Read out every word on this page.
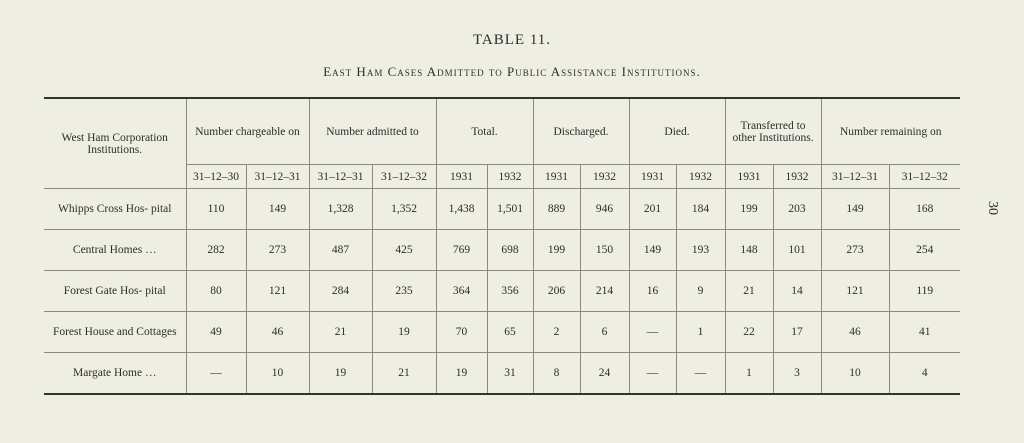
TABLE 11.
East Ham Cases Admitted to Public Assistance Institutions.
30
West Ham Corporation Institutions.	Number chargeable on		Number admitted to		Total.		Discharged.		Died.		Transferred to other Institutions.		Number remaining on	
	31–12–30	31–12–31	31–12–31	31–12–32	1931	1932	1931	1932	1931	1932	1931	1932	31–12–31	31–12–32
Whipps Cross Hos- pital	110	149	1,328	1,352	1,438	1,501	889	946	201	184	199	203	149	168
Central Homes …	282	273	487	425	769	698	199	150	149	193	148	101	273	254
Forest Gate Hos- pital	80	121	284	235	364	356	206	214	16	9	21	14	121	119
Forest House and Cottages	49	46	21	19	70	65	2	6	—	1	22	17	46	41
Margate Home …	—	10	19	21	19	31	8	24	—	—	1	3	10	4
